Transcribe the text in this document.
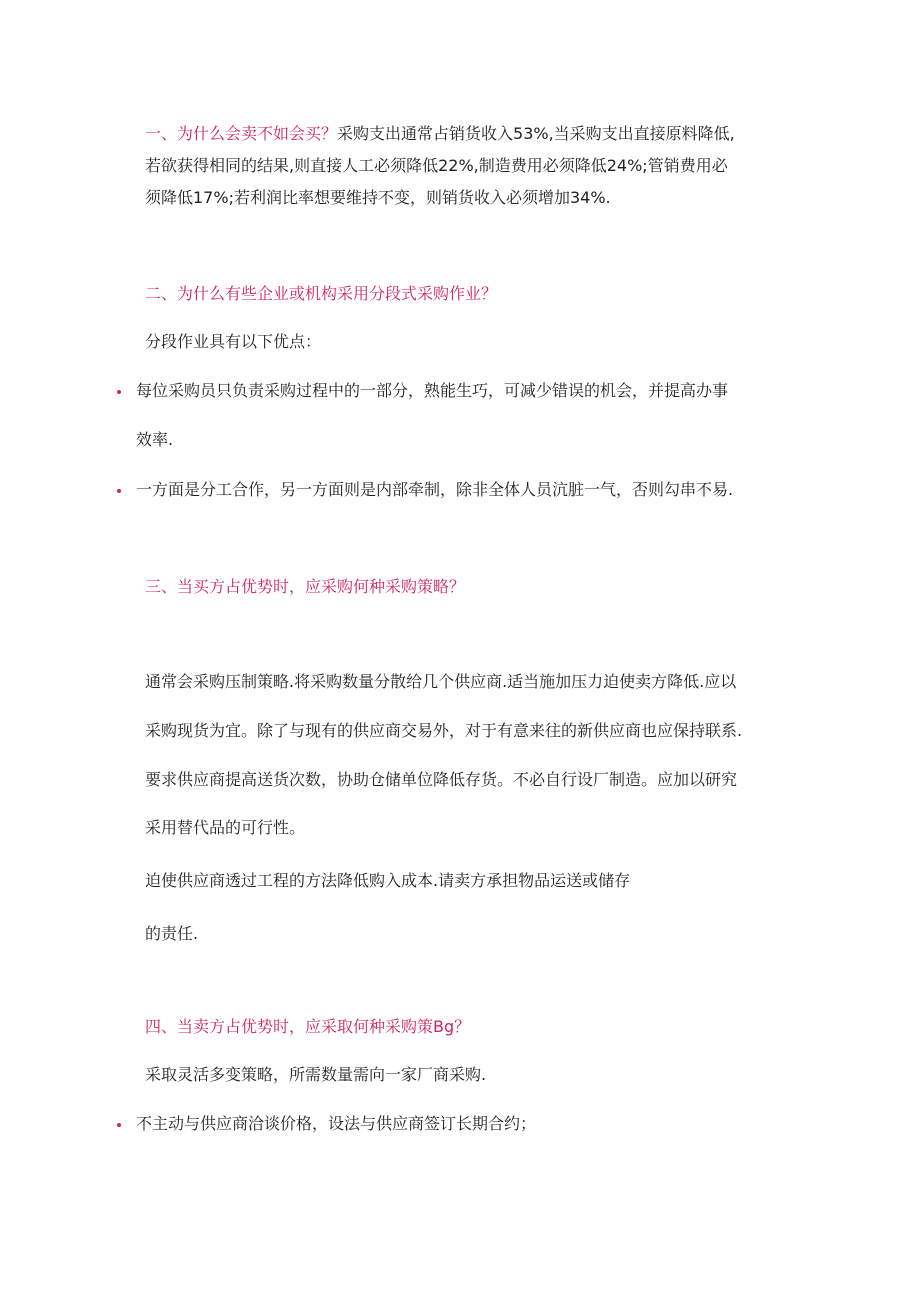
一、为什么会卖不如会买？采购支出通常占销货收入53%,当采购支出直接原料降低,
若欲获得相同的结果,则直接人工必须降低22%,制造费用必须降低24%;管销费用必
须降低17%;若利润比率想要维持不变，则销货收入必须增加34%.
二、为什么有些企业或机构采用分段式采购作业？
分段作业具有以下优点：
每位采购员只负责采购过程中的一部分，熟能生巧，可减少错误的机会，并提高办事
效率.
一方面是分工合作，另一方面则是内部牵制，除非全体人员沆脏一气，否则勾串不易.
三、当买方占优势时，应采购何种采购策略？
通常会采购压制策略.将采购数量分散给几个供应商.适当施加压力迫使卖方降低.应以
采购现货为宜。除了与现有的供应商交易外，对于有意来往的新供应商也应保持联系.
要求供应商提高送货次数，协助仓储单位降低存货。不必自行设厂制造。应加以研究
采用替代品的可行性。
迫使供应商透过工程的方法降低购入成本.请卖方承担物品运送或储存
的责任.
四、当卖方占优势时，应采取何种采购策Bg？
采取灵活多变策略，所需数量需向一家厂商采购.
不主动与供应商洽谈价格，设法与供应商签订长期合约；
